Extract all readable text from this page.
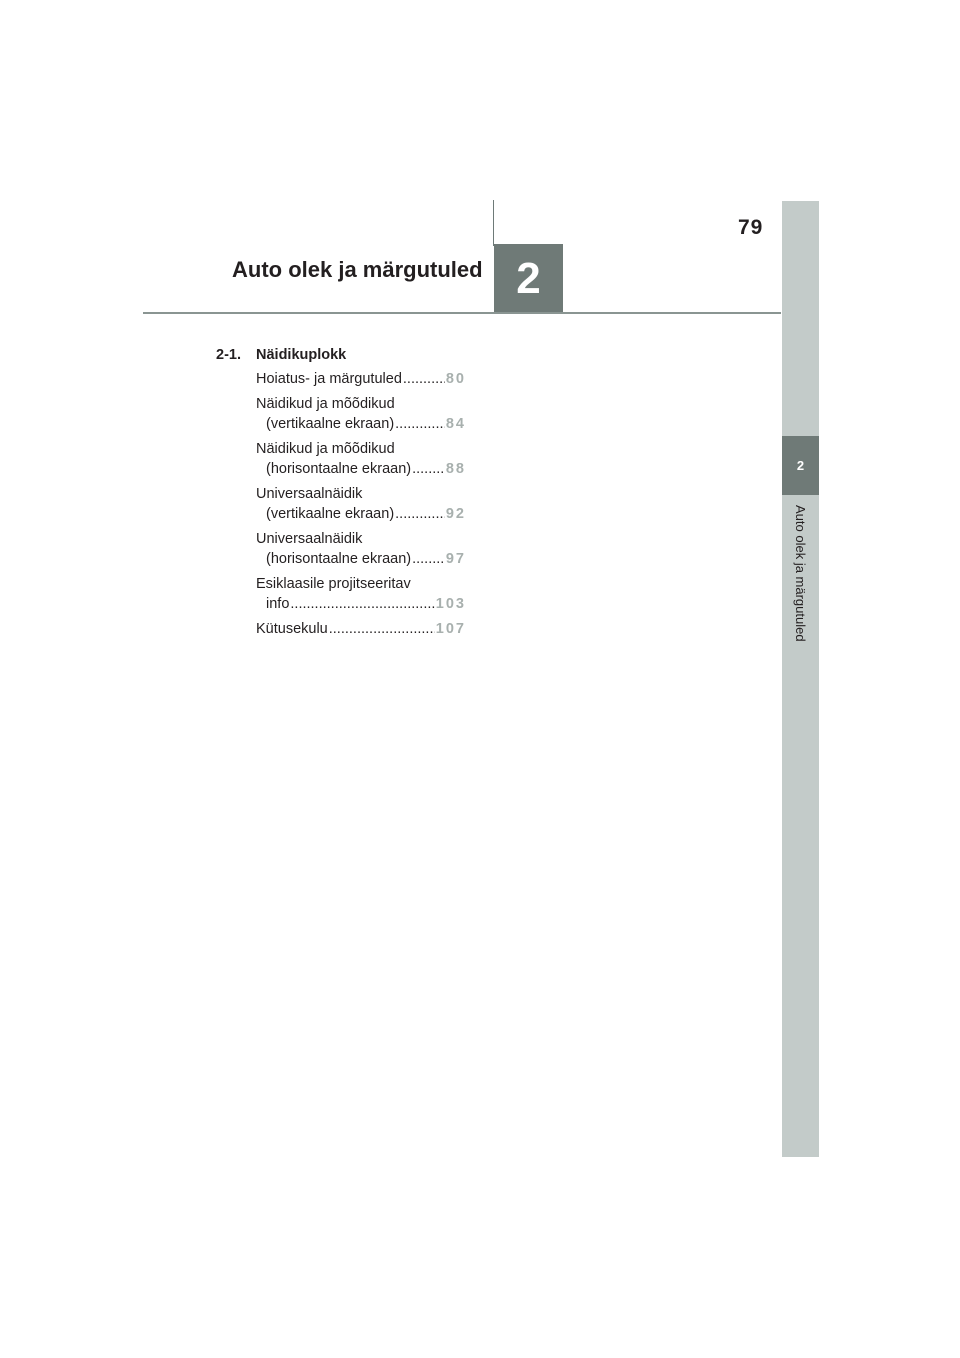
79
Auto olek ja märgutuled 2
2
Auto olek ja märgutuled
2-1.	Näidikuplokk
Hoiatus- ja märgutuled .....	80
Näidikud ja mõõdikud
(vertikaalne ekraan) .....	84
Näidikud ja mõõdikud
(horisontaalne ekraan) ..... 88
Universaalnäidik
(vertikaalne ekraan) .....	92
Universaalnäidik
(horisontaalne ekraan) ..... 97
Esiklaasile projitseeritav
info .....	103
Kütusekulu .....	107
